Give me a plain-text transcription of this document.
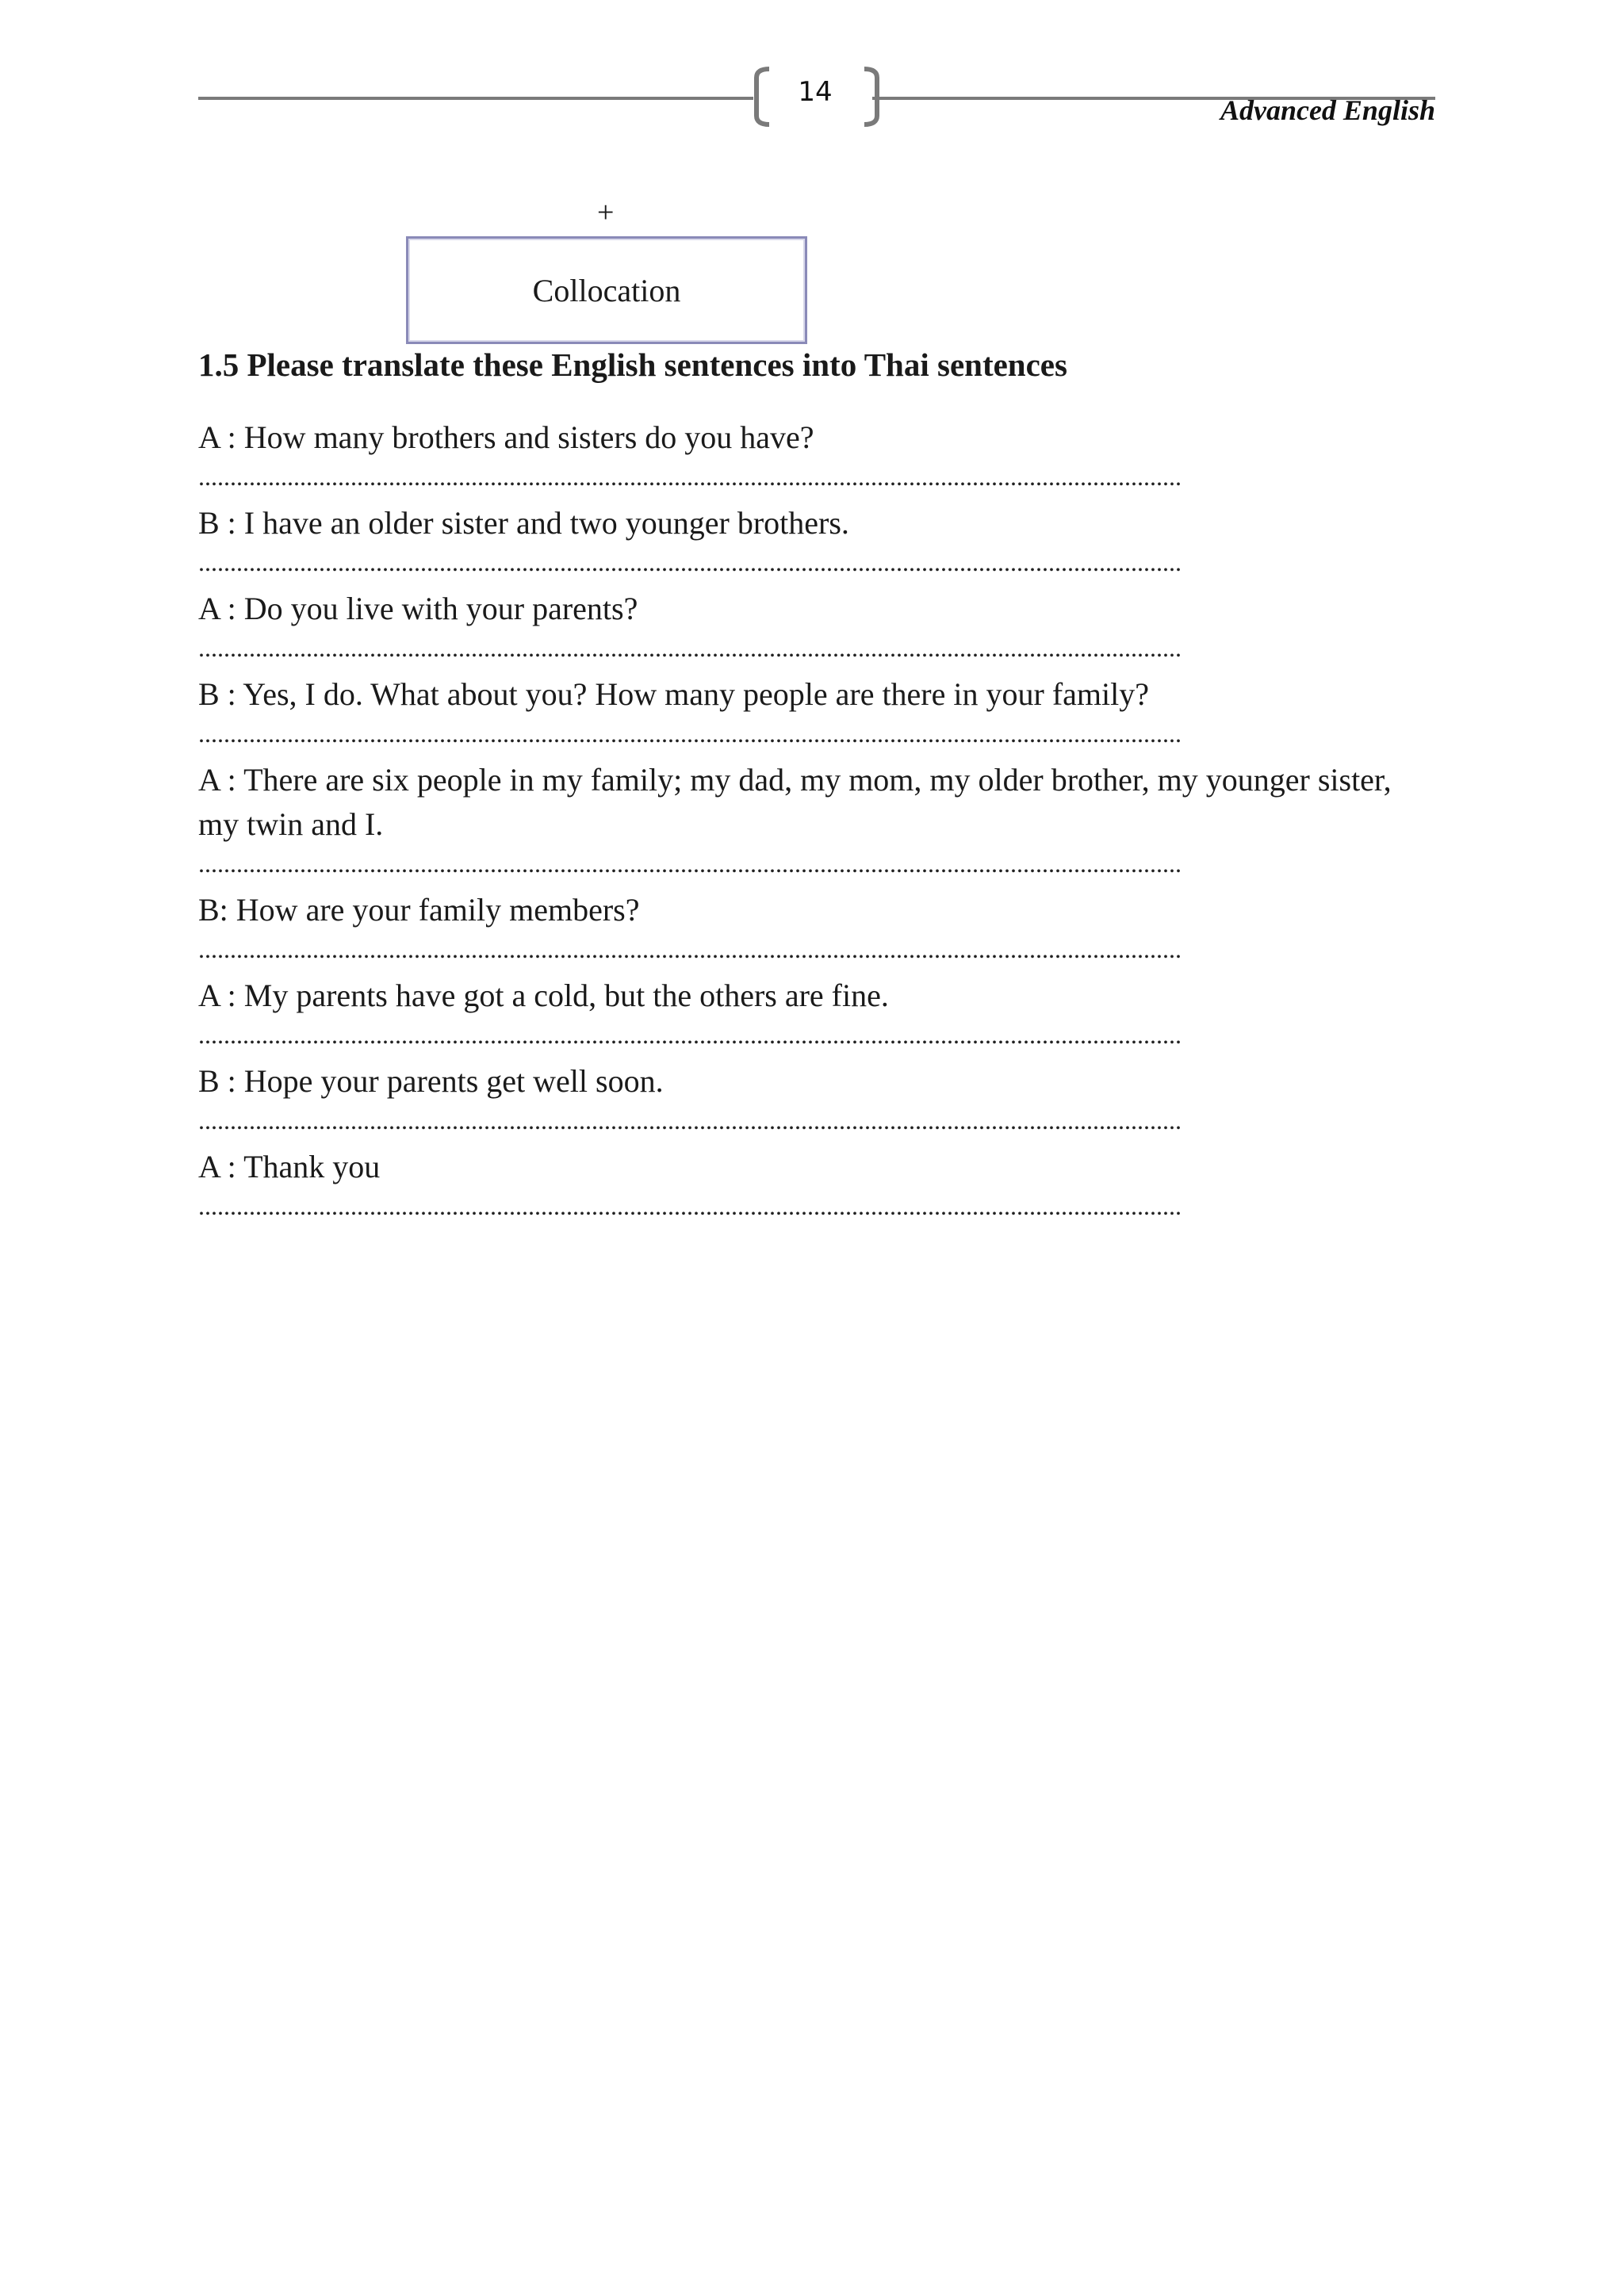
14
Advanced English
+
Collocation
1.5 Please translate these English sentences into Thai sentences
A : How many brothers and sisters do you have?
...........................................................................................................................................................
B : I have an older sister and two younger brothers.
...........................................................................................................................................................
A : Do you live with your parents?
...........................................................................................................................................................
B : Yes, I do. What about you? How many people are there in your family?
...........................................................................................................................................................
A : There are six people in my family; my dad, my mom, my older brother, my younger sister, my twin and I.
...........................................................................................................................................................
B: How are your family members?
...........................................................................................................................................................
A : My parents have got a cold, but the others are fine.
...........................................................................................................................................................
B : Hope your parents get well soon.
...........................................................................................................................................................
A : Thank you
...........................................................................................................................................................
